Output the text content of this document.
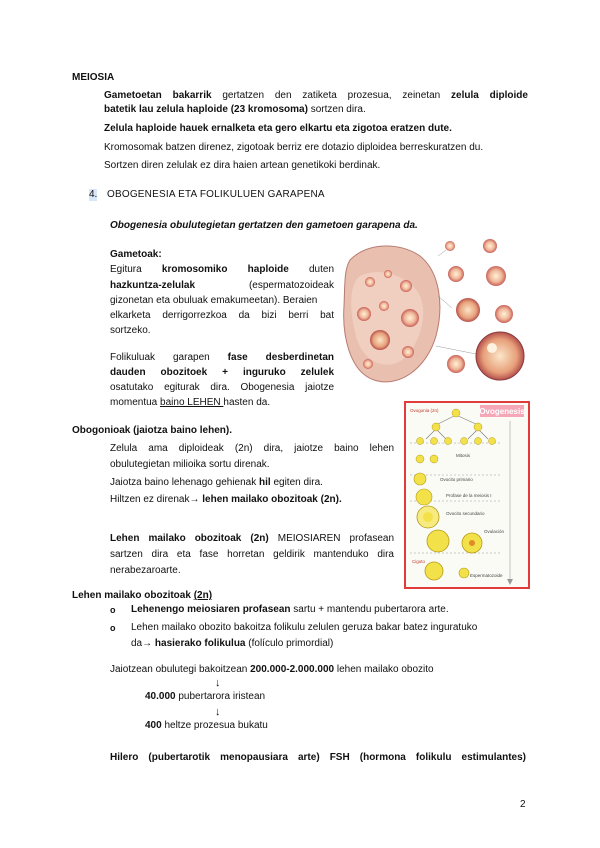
MEIOSIA
Gametoetan bakarrik gertatzen den zatiketa prozesua, zeinetan zelula diploide
batetik lau zelula haploide (23 kromosoma) sortzen dira.
Zelula haploide hauek ernalketa eta gero elkartu eta zigotoa eratzen dute.
Kromosomak batzen direnez, zigotoak berriz ere dotazio diploidea berreskuratzen du.
Sortzen diren zelulak ez dira haien artean genetikoki berdinak.
4. OBOGENESIA ETA FOLIKULUEN GARAPENA
Obogenesia obulutegietan gertatzen den gametoen garapena da.
Gametoak:
Egitura kromosomiko haploide duten
hazkuntza-zelulak	(espermatozoideak
gizonetan eta obuluak emakumeetan). Beraien
elkarketa derrigorrezkoa da bizi berri bat
sortzeko.
Folikuluak garapen fase desberdinetan
dauden obozitoek + inguruko zelulek
osatutako egiturak dira. Obogenesia jaiotze
momentua baino LEHEN hasten da.
Obogonioak (jaiotza baino lehen).
Zelula ama diploideak (2n) dira, jaiotze baino lehen
obulutegietan milioika sortu direnak.
Jaiotza baino lehenago gehienak hil egiten dira.
Hiltzen ez direnak→ lehen mailako obozitoak (2n).
Lehen mailako obozitoak (2n) MEIOSIAREN profasean
sartzen dira eta fase horretan geldirik mantenduko dira
nerabezaroarte.
Lehen mailako obozitoak (2n)
o Lehenengo meiosiaren profasean sartu + mantendu pubertarora arte.
o Lehen mailako obozito bakoitza folikulu zelulen geruza bakar batez inguratuko
da→ hasierako folikulua (folículo primordial)
Jaiotzean obulutegi bakoitzean 200.000-2.000.000 lehen mailako obozito
↓
40.000 pubertarora iristean
↓
400 heltze prozesua bukatu
Hilero (pubertarotik menopausiara arte) FSH (hormona folikulu estimulantes)
2
Ovogenesis
Ovogonia (2n)
Mitosis
Ovocito primario
Profase de la meiosis I
Ovocito secundario
Ovulación
Cigoto
Espermatozoide
